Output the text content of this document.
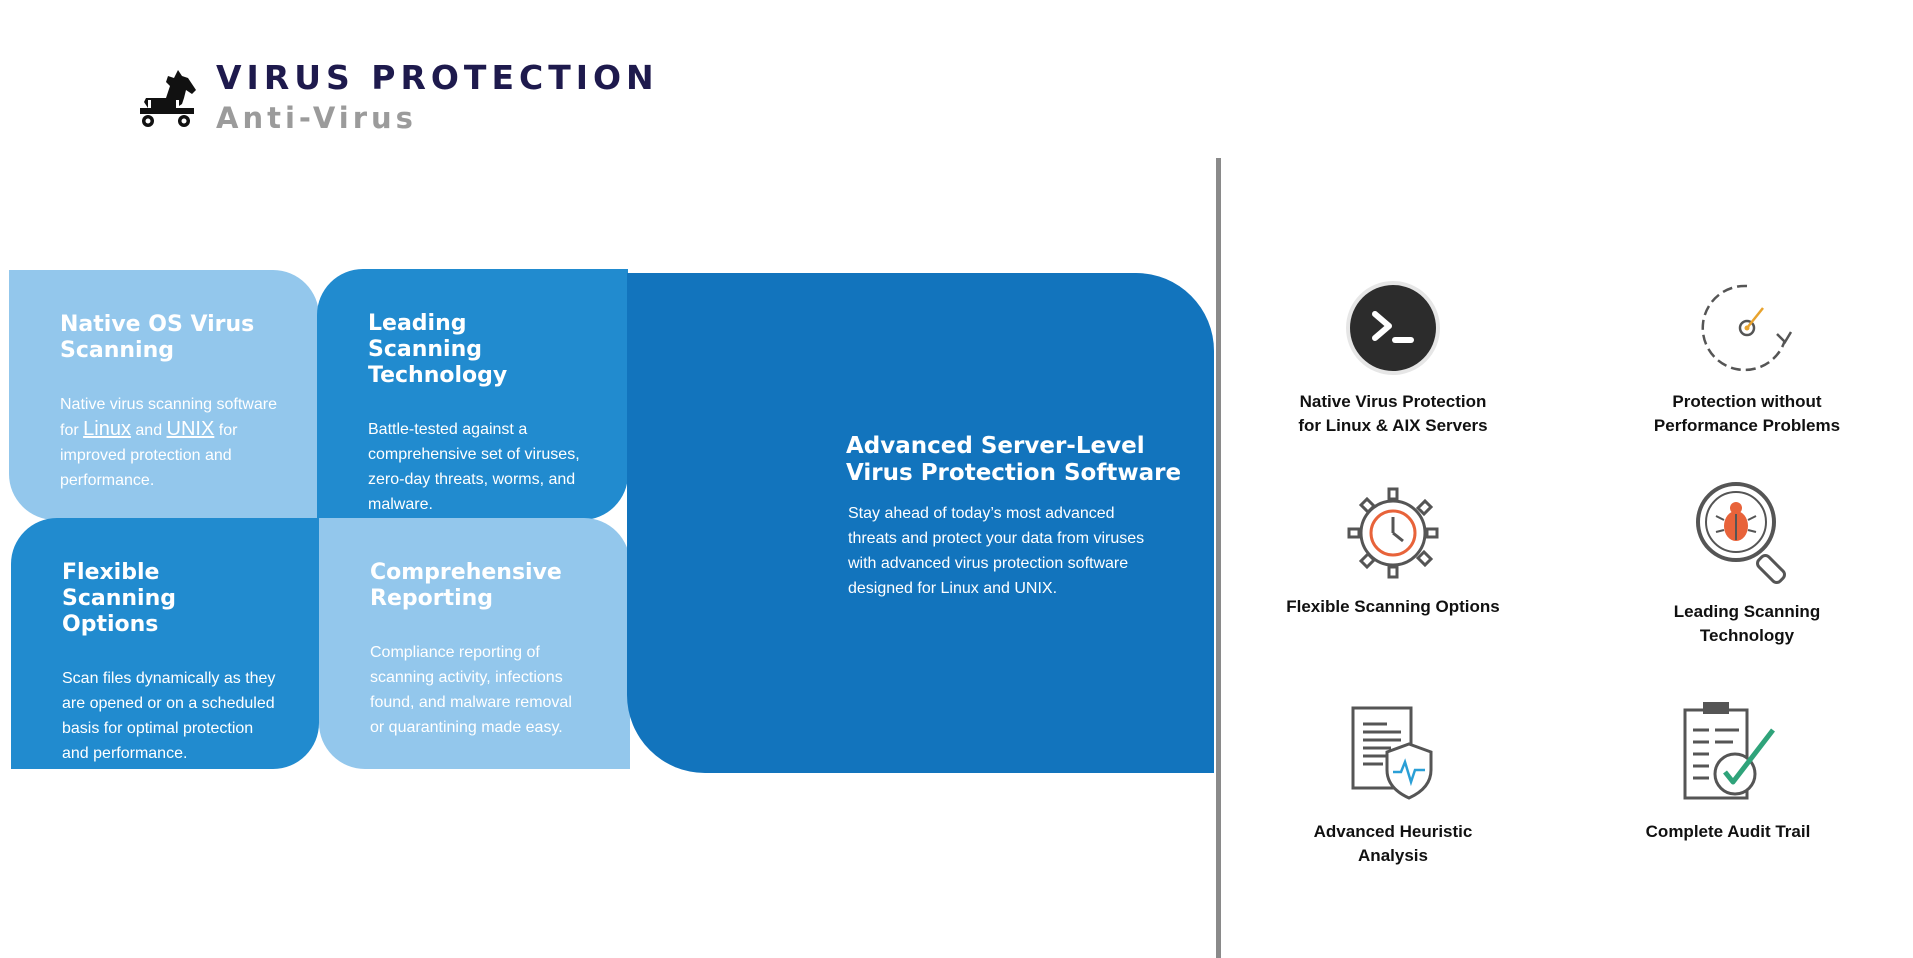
VIRUS PROTECTION
Anti-Virus
Native OS Virus Scanning

Native virus scanning software for Linux and UNIX for improved protection and performance.

Leading Scanning Technology

Battle-tested against a comprehensive set of viruses, zero-day threats, worms, and malware.

Flexible Scanning Options

Scan files dynamically as they are opened or on a scheduled basis for optimal protection and performance.

Comprehensive Reporting

Compliance reporting of scanning activity, infections found, and malware removal or quarantining made easy.

Advanced Server-Level Virus Protection Software

Stay ahead of today’s most advanced threats and protect your data from viruses with advanced virus protection software designed for Linux and UNIX.

Native Virus Protection
for Linux & AIX Servers
Protection without
Performance Problems
Flexible Scanning Options	Leading Scanning
Technology
Advanced Heuristic
Analysis
Complete Audit Trail
